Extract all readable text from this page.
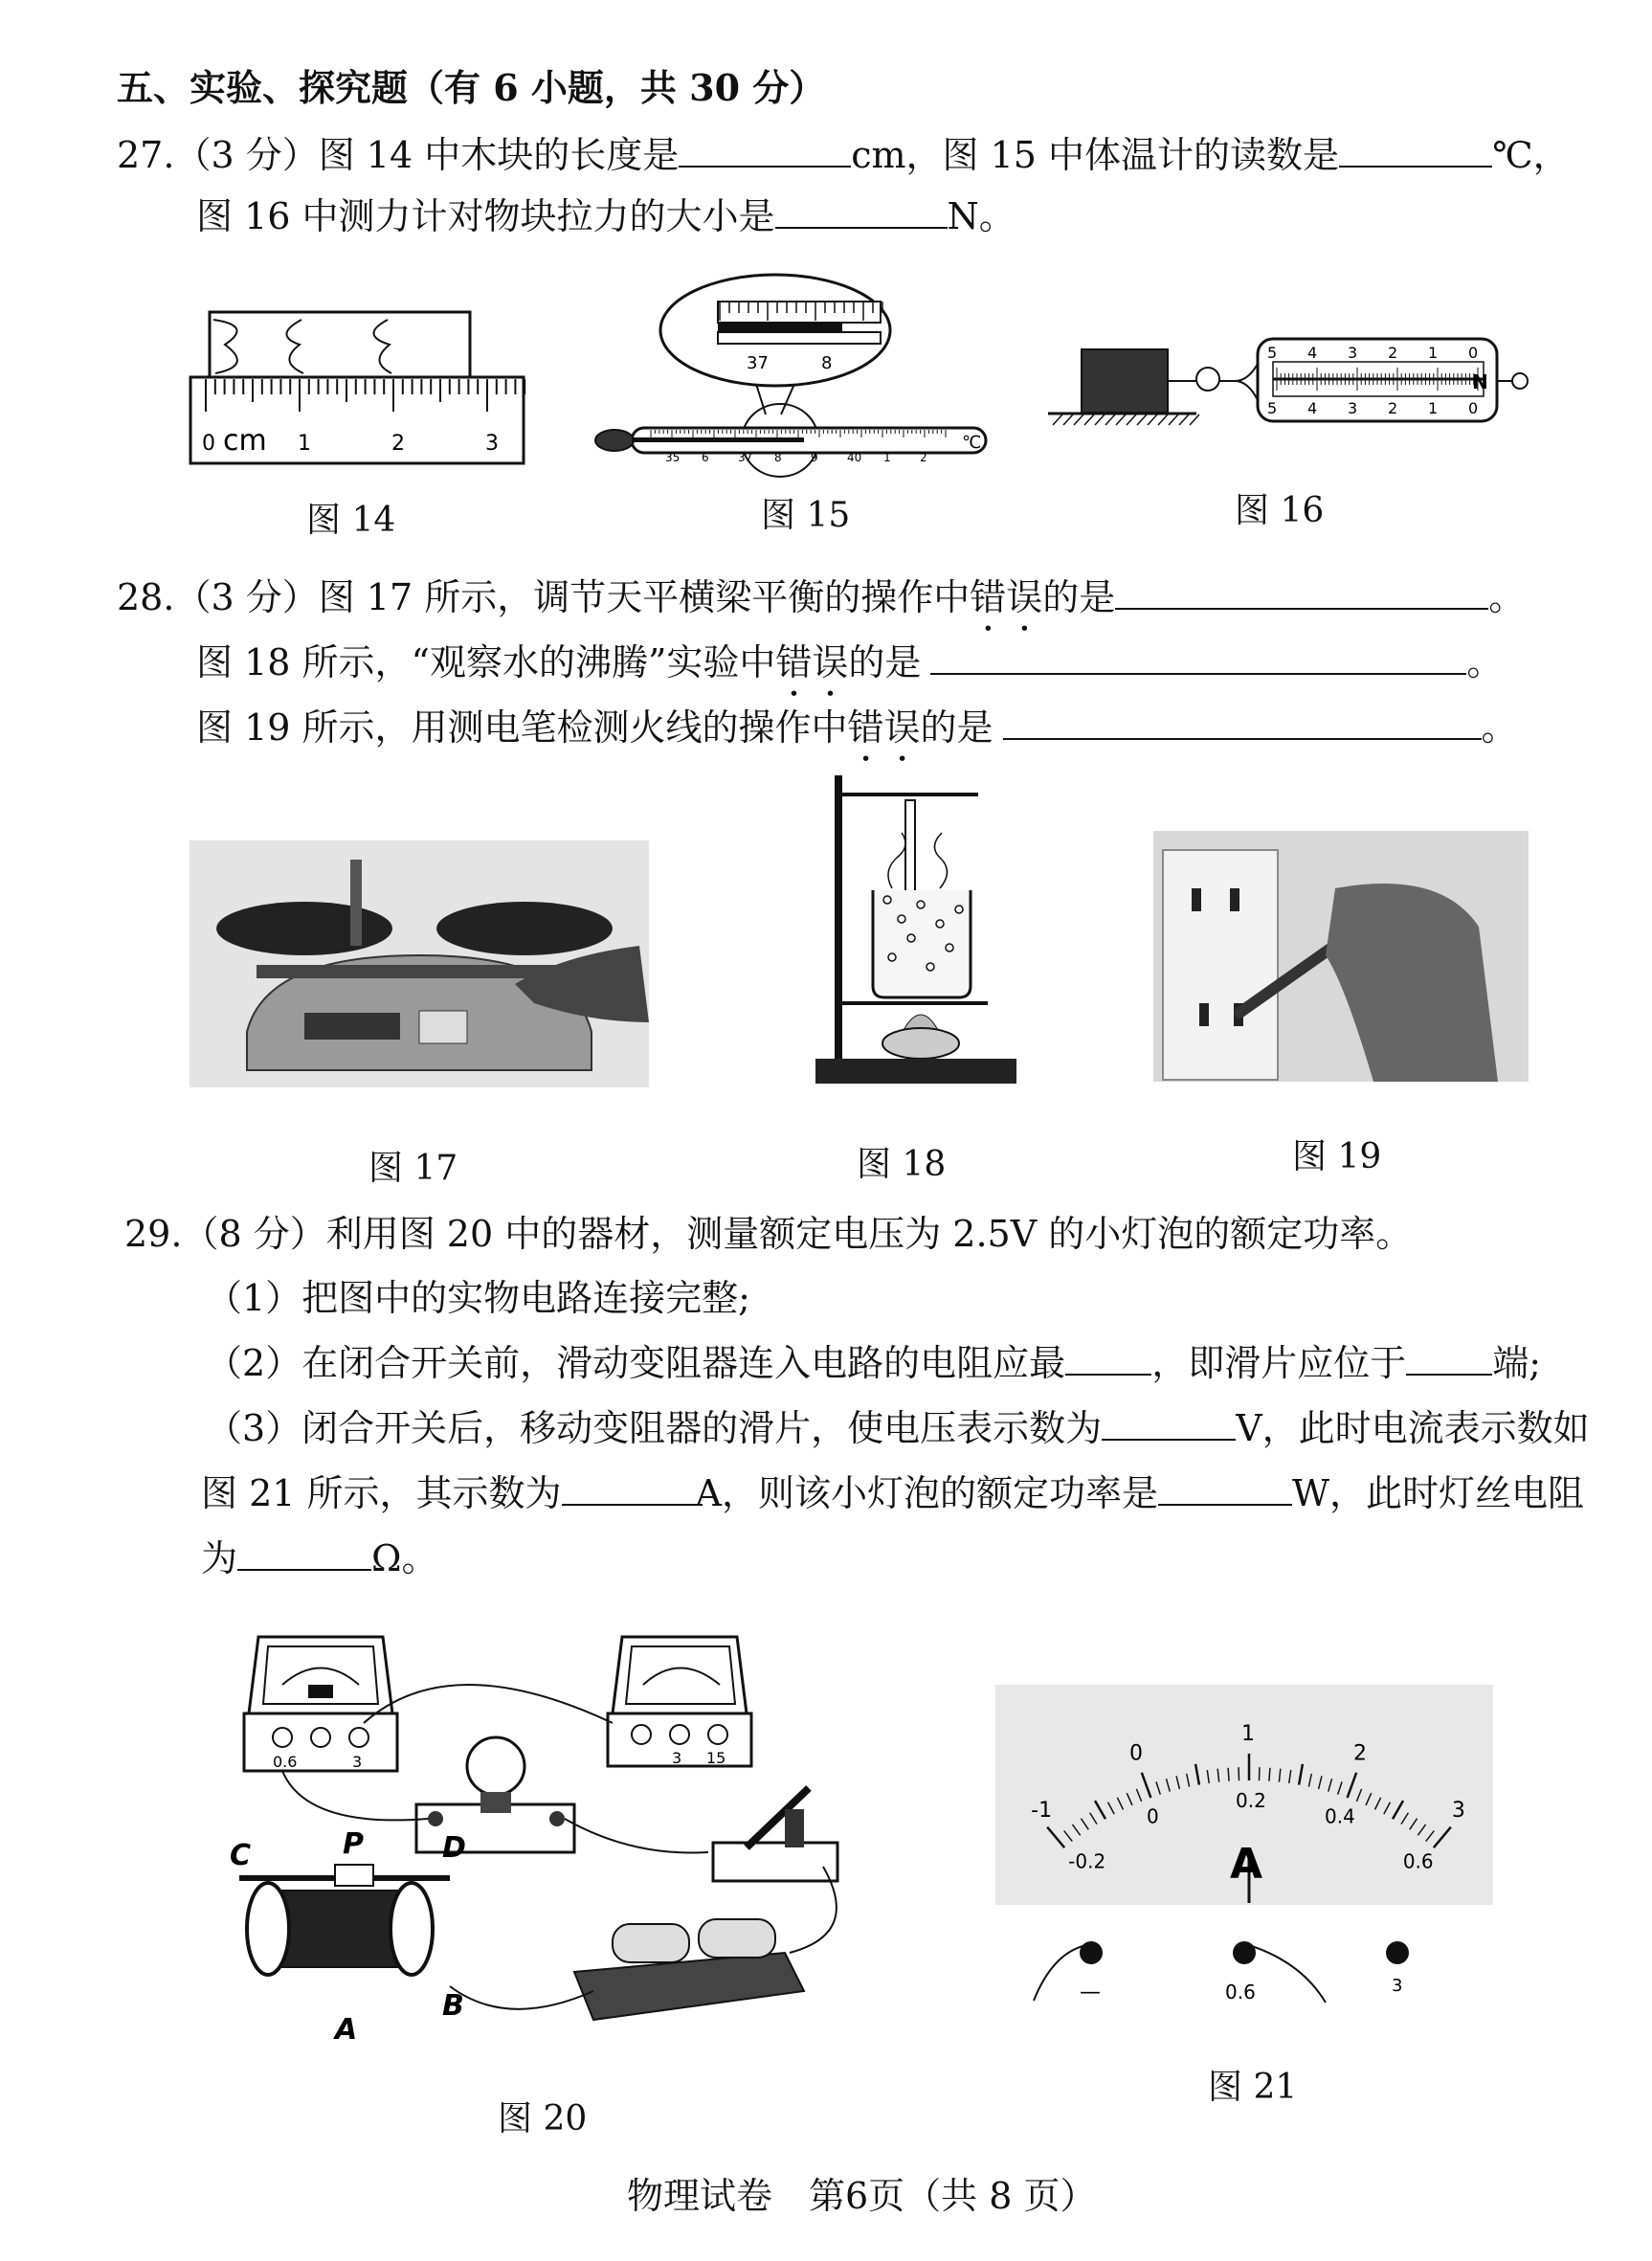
五、实验、探究题（有 6 小题，共 30 分）
27.（3 分）图 14 中木块的长度是	cm，图 15 中体温计的读数是	℃，
图 16 中测力计对物块拉力的大小是	N。
0 cm 1	2	3
图 14
37	8
35 6	37 8	9	40 1	2
℃
图 15
5 4 3 2 1 0
5 4 3 2 1 0
N
图 16
28.（3 分）图 17 所示，调节天平横梁平衡的操作中错误的是	。
图 18 所示，“观察水的沸腾”实验中错误的是	。
图 19 所示，用测电笔检测火线的操作中错误的是	。
图 17	图 18	图 19
29.（8 分）利用图 20 中的器材，测量额定电压为 2.5V 的小灯泡的额定功率。
（1）把图中的实物电路连接完整;
（2）在闭合开关前，滑动变阻器连入电路的电阻应最 ，即滑片应位于 端;
（3）闭合开关后，移动变阻器的滑片，使电压表示数为	V，此时电流表示数如
图 21 所示，其示数为	A，则该小灯泡的额定功率是	W，此时灯丝电阻
为	Ω。
0.6	3	3 15
C	P	D
A
B
图 20
-1
0
1
2
3
-0.2
0
0.2
0.4
0.6
A
—	0.6	3
图 21
物理试卷　第6页（共 8 页）
